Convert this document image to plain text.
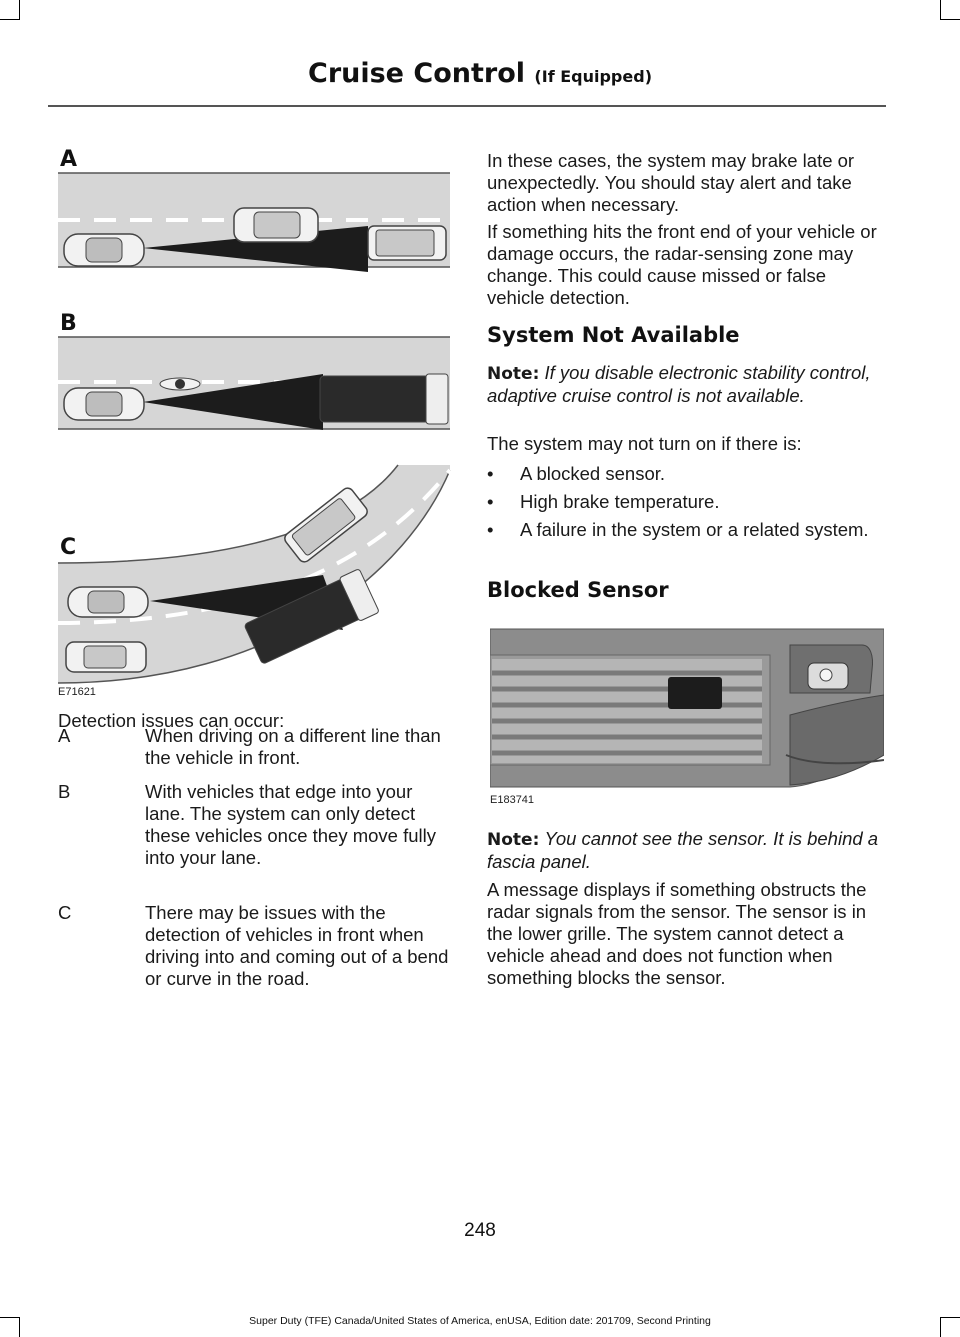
Cruise Control (If Equipped)
A
B
C
E71621
Detection issues can occur:
A	When driving on a different line than the vehicle in front.
B	With vehicles that edge into your lane. The system can only detect these vehicles once they move fully into your lane.
C	There may be issues with the detection of vehicles in front when driving into and coming out of a bend or curve in the road.
In these cases, the system may brake late or unexpectedly. You should stay alert and take action when necessary.
If something hits the front end of your vehicle or damage occurs, the radar-sensing zone may change. This could cause missed or false vehicle detection.
System Not Available
Note: If you disable electronic stability control, adaptive cruise control is not available.
The system may not turn on if there is:
• A blocked sensor.
• High brake temperature.
• A failure in the system or a related system.
Blocked Sensor
E183741
Note: You cannot see the sensor. It is behind a fascia panel.
A message displays if something obstructs the radar signals from the sensor. The sensor is in the lower grille. The system cannot detect a vehicle ahead and does not function when something blocks the sensor.
248
Super Duty (TFE) Canada/United States of America, enUSA, Edition date: 201709, Second Printing
